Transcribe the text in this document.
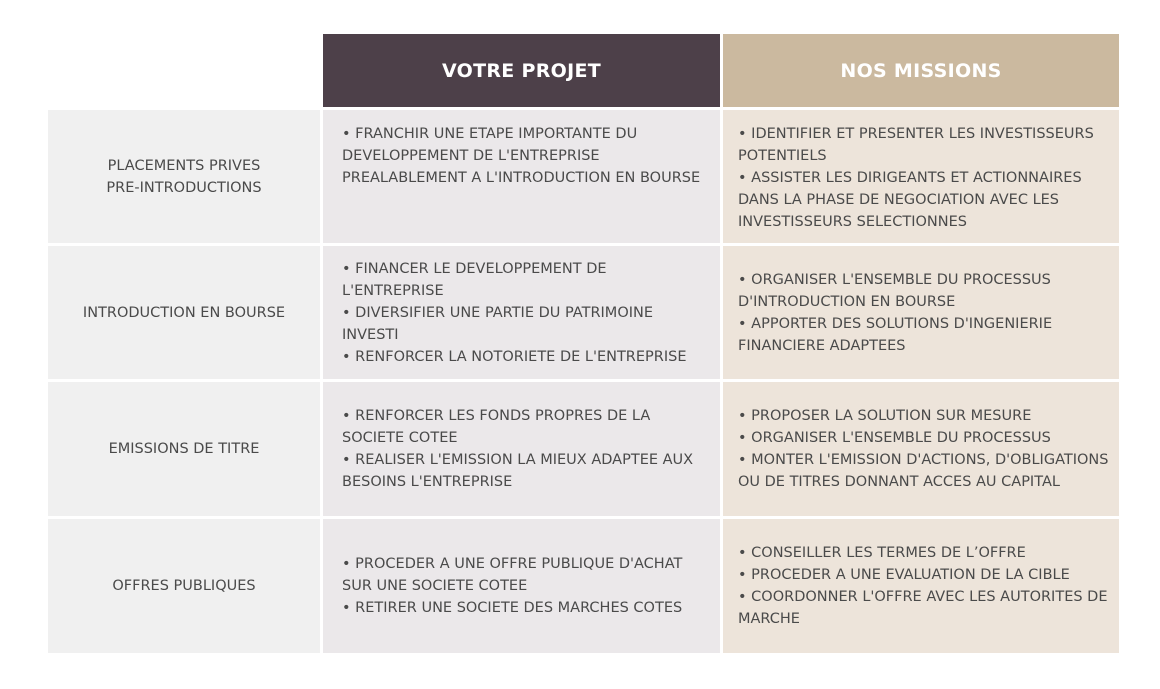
VOTRE PROJET	NOS MISSIONS
PLACEMENTS PRIVES
PRE-INTRODUCTIONS
• FRANCHIR UNE ETAPE IMPORTANTE DU DEVELOPPEMENT DE L'ENTREPRISE PREALABLEMENT A L'INTRODUCTION EN BOURSE
• IDENTIFIER ET PRESENTER LES INVESTISSEURS POTENTIELS
• ASSISTER LES DIRIGEANTS ET ACTIONNAIRES DANS LA PHASE DE NEGOCIATION AVEC LES INVESTISSEURS SELECTIONNES
INTRODUCTION EN BOURSE
• FINANCER LE DEVELOPPEMENT DE L'ENTREPRISE
• DIVERSIFIER UNE PARTIE DU PATRIMOINE INVESTI
• RENFORCER LA NOTORIETE DE L'ENTREPRISE
• ORGANISER L'ENSEMBLE DU PROCESSUS D'INTRODUCTION EN BOURSE
• APPORTER DES SOLUTIONS D'INGENIERIE FINANCIERE ADAPTEES
EMISSIONS DE TITRE
• RENFORCER LES FONDS PROPRES DE LA SOCIETE COTEE
• REALISER L'EMISSION LA MIEUX ADAPTEE AUX BESOINS L'ENTREPRISE
• PROPOSER LA SOLUTION SUR MESURE
• ORGANISER L'ENSEMBLE DU PROCESSUS
• MONTER L'EMISSION D'ACTIONS, D'OBLIGATIONS OU DE TITRES DONNANT ACCES AU CAPITAL
OFFRES PUBLIQUES
• PROCEDER A UNE OFFRE PUBLIQUE D'ACHAT SUR UNE SOCIETE COTEE
• RETIRER UNE SOCIETE DES MARCHES COTES
• CONSEILLER LES TERMES DE L’OFFRE
• PROCEDER A UNE EVALUATION DE LA CIBLE
• COORDONNER L'OFFRE AVEC LES AUTORITES DE MARCHE
